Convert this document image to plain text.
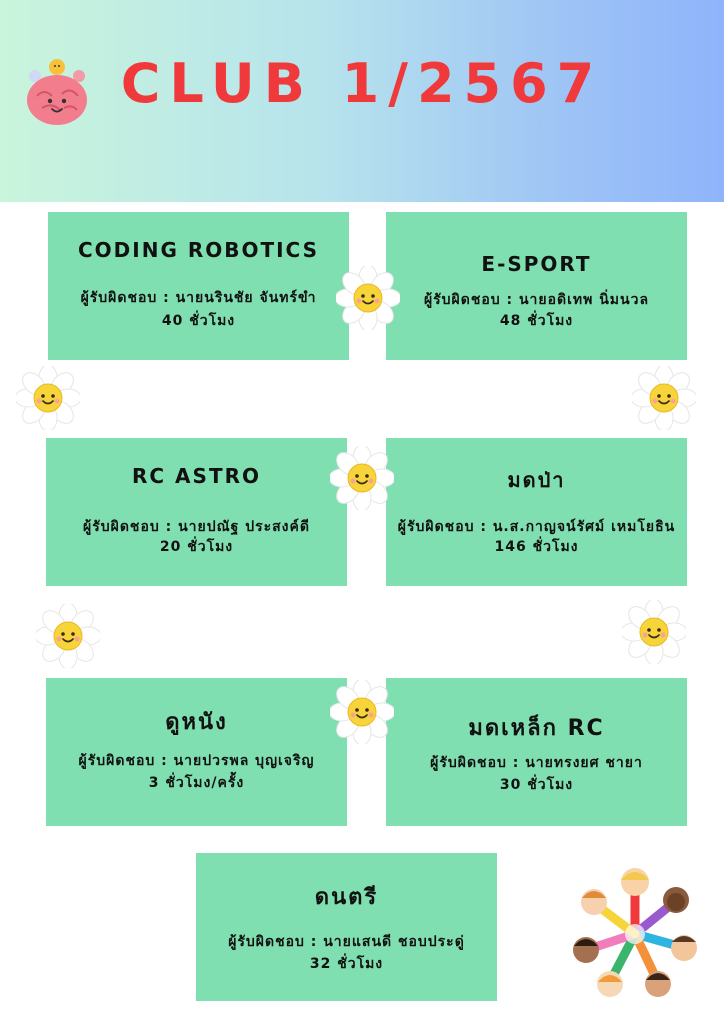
CLUB 1/2567
CODING ROBOTICS
ผู้รับผิดชอบ : นายนรินชัย จันทร์ขำ
40 ชั่วโมง
E-SPORT
ผู้รับผิดชอบ : นายอดิเทพ นิ่มนวล
48 ชั่วโมง
RC ASTRO
ผู้รับผิดชอบ : นายปณัฐ ประสงค์ดี
20 ชั่วโมง
มดป่า
ผู้รับผิดชอบ : น.ส.กาญจน์รัศม์ เหมโยธิน
146 ชั่วโมง
ดูหนัง
ผู้รับผิดชอบ : นายปวรพล บุญเจริญ
3 ชั่วโมง/ครั้ง
มดเหล็ก RC
ผู้รับผิดชอบ : นายทรงยศ ชายา
30 ชั่วโมง
ดนตรี
ผู้รับผิดชอบ : นายแสนดี ชอบประดู่
32 ชั่วโมง
